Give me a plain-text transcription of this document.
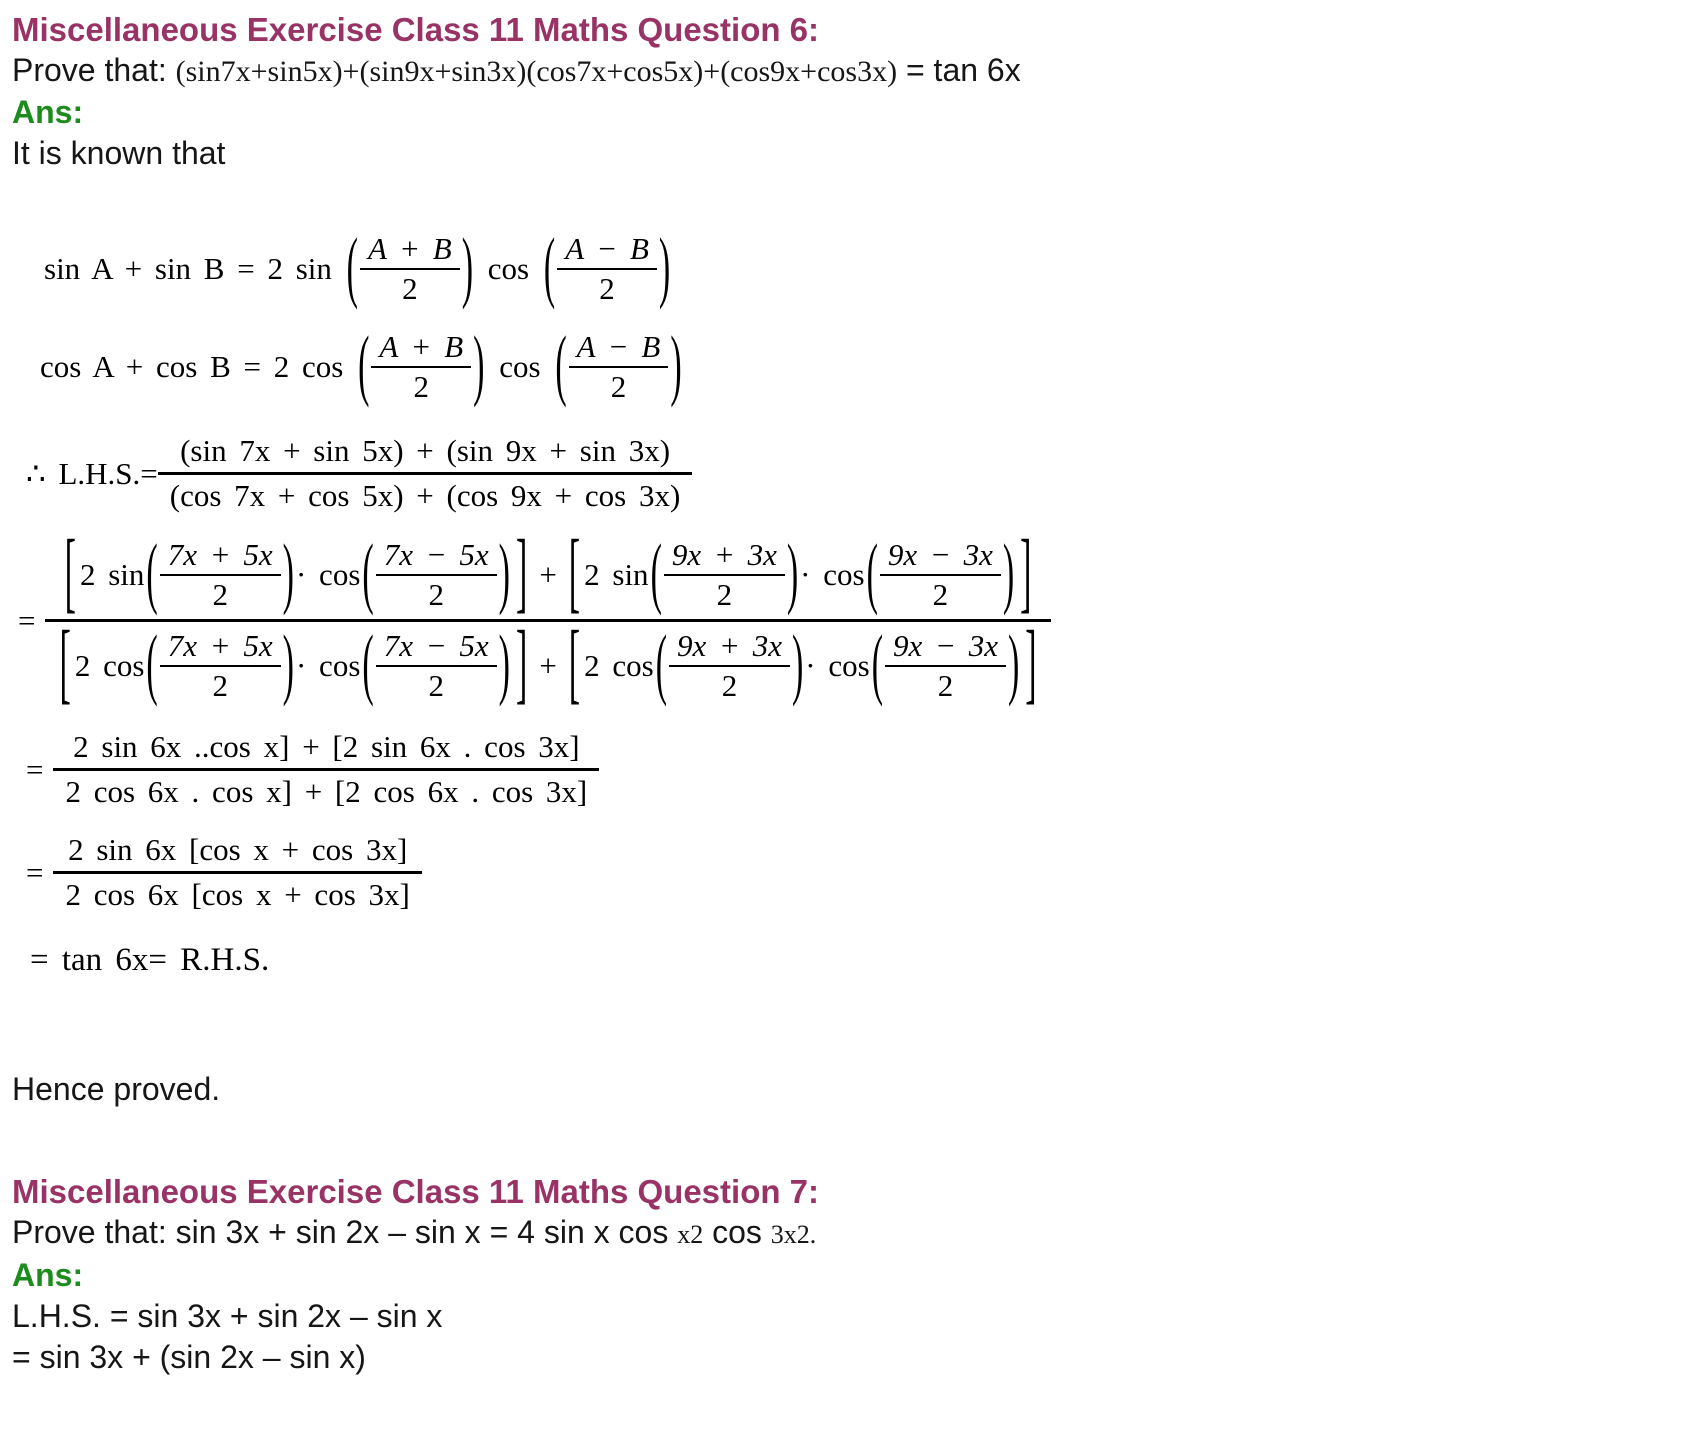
Miscellaneous Exercise Class 11 Maths Question 6:
Prove that: (sin7x+sin5x)+(sin9x+sin3x)(cos7x+cos5x)+(cos9x+cos3x) = tan 6x
Ans:
It is known that
sin A + sin B = 2 sin ( A + B
2 ) cos ( A − B
2 )
cos A + cos B = 2 cos ( A + B
2 ) cos ( A − B
2 )
∴ L.H.S.=
(sin 7x + sin 5x) + (sin 9x + sin 3x)
(cos 7x + cos 5x) + (cos 9x + cos 3x)
= [ 2 sin ( 7x + 5x
2 ) · cos ( 7x − 5x
2 ) ] + [ 2 sin ( 9x + 3x
2 ) · cos ( 9x − 3x
2 ) ]
[ 2 cos ( 7x + 5x
2 ) · cos ( 7x − 5x
2 ) ] + [ 2 cos ( 9x + 3x
2 ) · cos ( 9x − 3x
2 ) ]
=
2 sin 6x ..cos x] + [2 sin 6x . cos 3x]
2 cos 6x . cos x] + [2 cos 6x . cos 3x]
=
2 sin 6x [cos x + cos 3x]
2 cos 6x [cos x + cos 3x]
= tan 6x= R.H.S.
Hence proved.
Miscellaneous Exercise Class 11 Maths Question 7:
Prove that: sin 3x + sin 2x – sin x = 4 sin x cos x2 cos 3x2.
Ans:
L.H.S. = sin 3x + sin 2x – sin x
= sin 3x + (sin 2x – sin x)
